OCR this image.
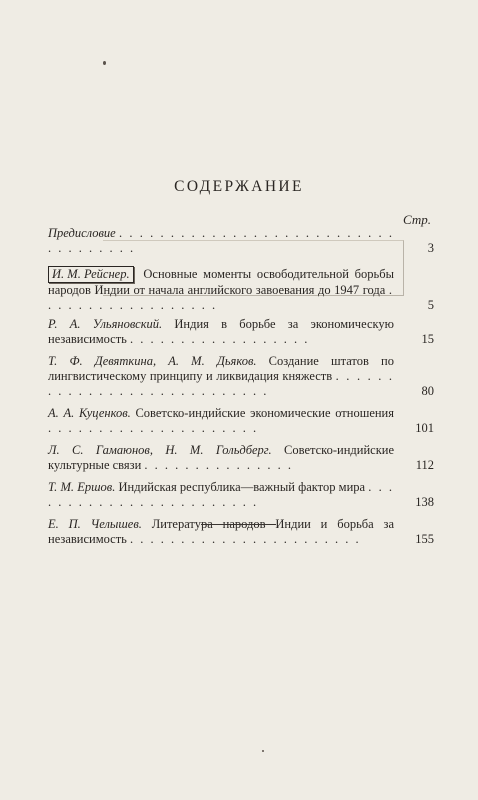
СОДЕРЖАНИЕ
Стр.
Предисловие . . . . . . . . . . . . . . . . . . . . . . . . . . . . . . . . . . . .	3
И. М. Рейснер. Основные моменты освободительной борьбы народов Индии от начала английского завоевания до 1947 года . . . . . . . . . . . . . . . . . .	5
Р. А. Ульяновский. Индия в борьбе за экономическую независимость . . . . . . . . . . . . . . . . . .	15
Т. Ф. Девяткина, А. М. Дьяков. Создание штатов по лингвистическому принципу и ликвидация княжеств . . . . . . . . . . . . . . . . . . . . . . . . . . . .	80
А. А. Куценков. Советско-индийские экономические отношения . . . . . . . . . . . . . . . . . . . . .	101
Л. С. Гамаюнов, Н. М. Гольдберг. Советско-индийские культурные связи . . . . . . . . . . . . . . .	112
Т. М. Ершов. Индийская республика—важный фактор мира . . . . . . . . . . . . . . . . . . . . . . . .	138
Е. П. Челышев. Литература народов Индии и борьба за независимость . . . . . . . . . . . . . . . . . . . . . . .	155
